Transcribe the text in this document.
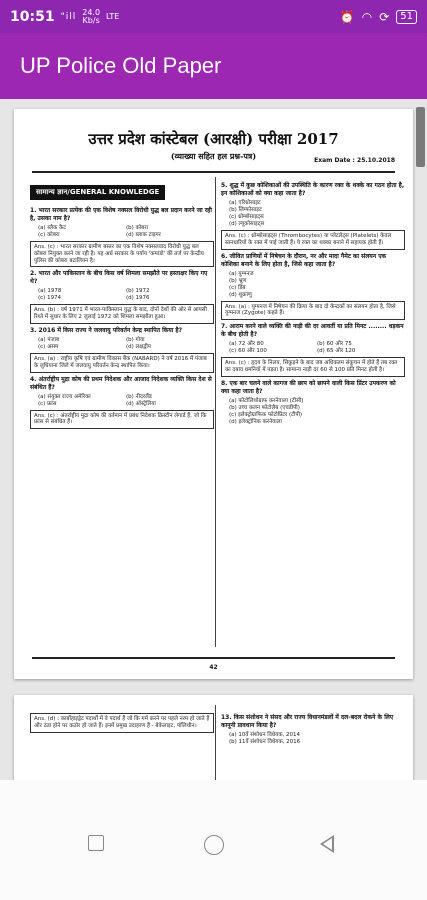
10:51 "ill 24.0
Kb/s LTE	⏰ ◠ ⟳	51
UP Police Old Paper
उत्तर प्रदेश कांस्टेबल (आरक्षी) परीक्षा 2017
(व्याख्या सहित हल प्रश्न-पत्र)	Exam Date : 25.10.2018
सामान्य ज्ञान/GENERAL KNOWLEDGE
1. भारत सरकार प्रत्येक की एक विशेष नक्सल विरोधी युद्ध बल प्रदान करने जा रही है, उसका नाम है?
(a) ब्लैक कैट	(b) कोबरा
(c) कोबरा	(d) ब्लाक टाइगर
Ans. (c) : भारत सरकार ग्रामीण बस्तर का एक विशेष नक्सलवाद विरोधी युद्ध बल कोबरा नियुक्त करने जा रही है। यह अर्ध सरकार के पर्याय 'कमांडो' की तर्ज पर केन्द्रीय पुलिस की कोबरा बटालियन है।
2. भारत और पाकिस्तान के बीच किस वर्ष शिमला समझौते पर हस्ताक्षर किए गए थे?
(a) 1978	(b) 1972
(c) 1974	(d) 1976
Ans. (b) : वर्ष 1971 में भारत-पाकिस्तान युद्ध के बाद, दोनों देशों की ओर से आपसी रिश्ते में सुधार के लिए 2 जुलाई 1972 को शिमला समझौता हुआ।
3. 2016 में किस राज्य ने जलवायु परिवर्तन केन्द्र स्थापित किया है?
(a) पंजाब	(b) गोवा
(c) असम	(d) लक्षद्वीप
Ans. (a) : राष्ट्रीय कृषि एवं ग्रामीण विकास बैंक (NABARD) ने वर्ष 2016 में पंजाब के लुधियाना जिले में जलवायु परिवर्तन केन्द्र स्थापित किया।
4. अंतर्राष्ट्रीय मुद्रा कोष की प्रथम निदेशक और आजाद निदेशक व्यक्ति किस देश से संबंधित हैं?
(a) संयुक्त राज्य अमेरिका	(b) नीदरलैंड
(c) फ्रांस	(d) ऑस्ट्रेलिया
Ans. (c) : अंतर्राष्ट्रीय मुद्रा कोष की वर्तमान में प्रबंध निदेशक क्रिस्टीन लेगार्ड हैं, जो कि फ्रांस से संबंधित हैं।
5. शुद्ध में कुछ कोशिकाओं की उपस्थिति के कारण रक्त के थक्के का गठन होता है, इन कोशिकाओं को क्या कहा जाता है?
(a) एरिथ्रोसाइट
(b) लिम्फोसाइट
(c) थ्रोम्बोसाइट्स
(d) ल्यूकोसाइट्स
Ans. (c) : थ्रोम्बोसाइट्स (Thrombocytes) या प्लेटलेट्स (Platelets) केवल स्तनधारियों के रक्त में पाई जाती हैं। ये रक्त का थक्का बनाने में सहायक होती हैं।
6. जीवित प्राणियों में निषेचन के दौरान, नर और मादा गैमेट का संलयन एक कोशिका बनाने के लिए होता है, जिसे कहा जाता है?
(a) युग्मनज
(b) भ्रूण
(c) डिंब
(d) शुक्राणु
Ans. (a) : युग्मनज में निषेचन की क्रिया के बाद दो केन्द्रकों का संलयन होता है, जिसे युग्मनज (Zygote) कहते हैं।
7. आराम करने वाले व्यक्ति की नाड़ी की दर आवर्ती या प्रति मिनट ........ धड़कन के बीच होती है?
(a) 72 और 80	(b) 60 और 75
(c) 60 और 100	(d) 65 और 120
Ans. (c) : हृदय के निलय, सिकुड़ने के बाद जब अधिकतम संकुचन में होते हैं तब रक्त का दबाव धमनियों में पड़ता है। सामान्य नाड़ी दर 60 से 100 प्रति मिनट होती है।
8. एक बार चलने वाले कागज की छाप को छापने वाली किस प्रिंटर उपकरण को क्या कहा जाता है?
(a) फोटोलिथोग्राफ करनेवाला (टीसी)
(b) उच्च कलन फोटोलैब (एचडीपी)
(c) इलेक्ट्रोग्राफिक फोटोप्रिंटर (टीपी)
(d) इलेक्ट्रॉनिक करनेवाला
42
Ans. (d) : कार्बोहाइड्रेट पदार्थों में वे पदार्थ हैं जो कि गर्म करने पर पहले नरम हो जाते हैं और ठंडा होने पर कठोर हो जाते हैं। इनमें प्रमुख उदाहरण हैं - बेकेलाइट, पॉलिथीन।
13. किस संशोधन ने संसद और राज्य विधानमंडलों में दल-बदल रोकने के लिए कानूनी प्रावधान किया है?
(a) 10वें संशोधन विधेयक, 2014
(b) 11वें संशोधन विधेयक, 2016
